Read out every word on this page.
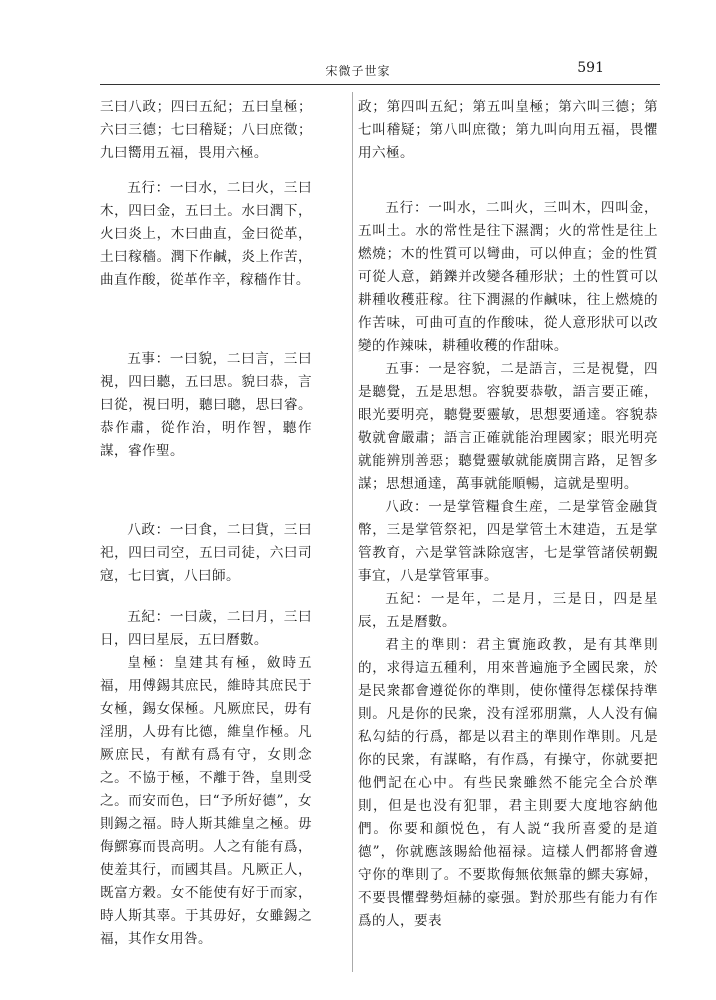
宋微子世家	591

三曰八政；四曰五紀；五曰皇極；六曰三德；七曰稽疑；八曰庶徵；九曰嚮用五福，畏用六極。

五行：一曰水，二曰火，三曰木，四曰金，五曰土。水曰潤下，火曰炎上，木曰曲直，金曰從革，土曰稼穡。潤下作鹹，炎上作苦，曲直作酸，從革作辛，稼穡作甘。

五事：一曰貌，二曰言，三曰視，四曰聽，五曰思。貌曰恭，言曰從，視曰明，聽曰聰，思曰睿。恭作肅，從作治，明作智，聽作謀，睿作聖。

八政：一曰食，二曰貨，三曰祀，四曰司空，五曰司徒，六曰司寇，七曰賓，八曰師。

五紀：一曰歲，二曰月，三曰日，四曰星辰，五曰曆數。

皇極：皇建其有極，斂時五福，用傅錫其庶民，維時其庶民于女極，錫女保極。凡厥庶民，毋有淫朋，人毋有比德，維皇作極。凡厥庶民，有猷有爲有守，女則念之。不協于極，不離于咎，皇則受之。而安而色，曰“予所好德”，女則錫之福。時人斯其維皇之極。毋侮鰥寡而畏高明。人之有能有爲，使羞其行，而國其昌。凡厥正人，既富方穀。女不能使有好于而家，時人斯其辜。于其毋好，女雖錫之福，其作女用咎。

政；第四叫五紀；第五叫皇極；第六叫三德；第七叫稽疑；第八叫庶徵；第九叫向用五福，畏懼用六極。

五行：一叫水，二叫火，三叫木，四叫金，五叫土。水的常性是往下濕潤；火的常性是往上燃燒；木的性質可以彎曲，可以伸直；金的性質可從人意，銷鑠并改變各種形狀；土的性質可以耕種收穫莊稼。往下潤濕的作鹹味，往上燃燒的作苦味，可曲可直的作酸味，從人意形狀可以改變的作辣味，耕種收穫的作甜味。

五事：一是容貌，二是語言，三是視覺，四是聽覺，五是思想。容貌要恭敬，語言要正確，眼光要明亮，聽覺要靈敏，思想要通達。容貌恭敬就會嚴肅；語言正確就能治理國家；眼光明亮就能辨別善惡；聽覺靈敏就能廣開言路，足智多謀；思想通達，萬事就能順暢，這就是聖明。

八政：一是掌管糧食生産，二是掌管金融貨幣，三是掌管祭祀，四是掌管土木建造，五是掌管教育，六是掌管誅除寇害，七是掌管諸侯朝覲事宜，八是掌管軍事。

五紀：一是年，二是月，三是日，四是星辰，五是曆數。

君主的準則：君主實施政教，是有其準則的，求得這五種利，用來普遍施予全國民衆，於是民衆都會遵從你的準則，使你懂得怎樣保持準則。凡是你的民衆，没有淫邪朋黨，人人没有偏私勾結的行爲，都是以君主的準則作準則。凡是你的民衆，有謀略，有作爲，有操守，你就要把他們記在心中。有些民衆雖然不能完全合於準則，但是也没有犯罪，君主則要大度地容納他們。你要和顔悦色，有人説“我所喜愛的是道德”，你就應該賜給他福禄。這樣人們都將會遵守你的準則了。不要欺侮無依無靠的鰥夫寡婦，不要畏懼聲勢烜赫的豪强。對於那些有能力有作爲的人，要表
